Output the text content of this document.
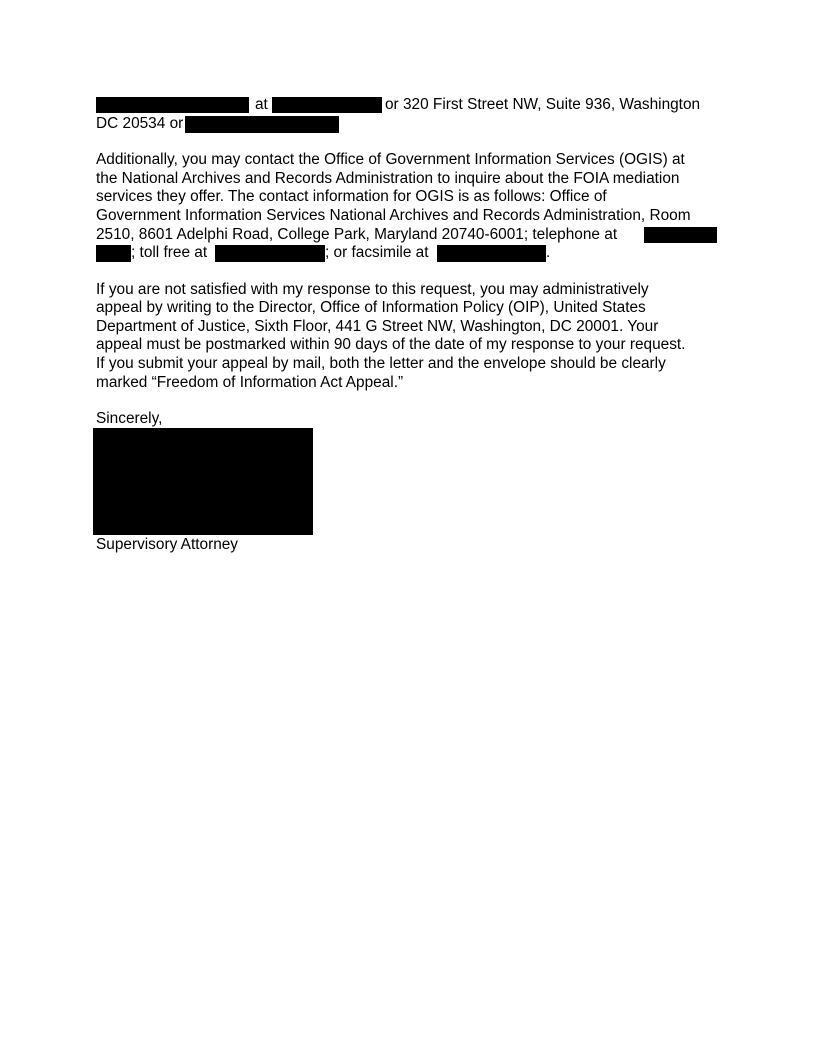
at	or 320 First Street NW, Suite 936, Washington
DC 20534 or
Additionally, you may contact the Office of Government Information Services (OGIS) at
the National Archives and Records Administration to inquire about the FOIA mediation
services they offer. The contact information for OGIS is as follows: Office of
Government Information Services National Archives and Records Administration, Room
2510, 8601 Adelphi Road, College Park, Maryland 20740-6001; telephone at
; toll free at	; or facsimile at	.
If you are not satisfied with my response to this request, you may administratively
appeal by writing to the Director, Office of Information Policy (OIP), United States
Department of Justice, Sixth Floor, 441 G Street NW, Washington, DC 20001. Your
appeal must be postmarked within 90 days of the date of my response to your request.
If you submit your appeal by mail, both the letter and the envelope should be clearly
marked “Freedom of Information Act Appeal.”
Sincerely,
Supervisory Attorney
